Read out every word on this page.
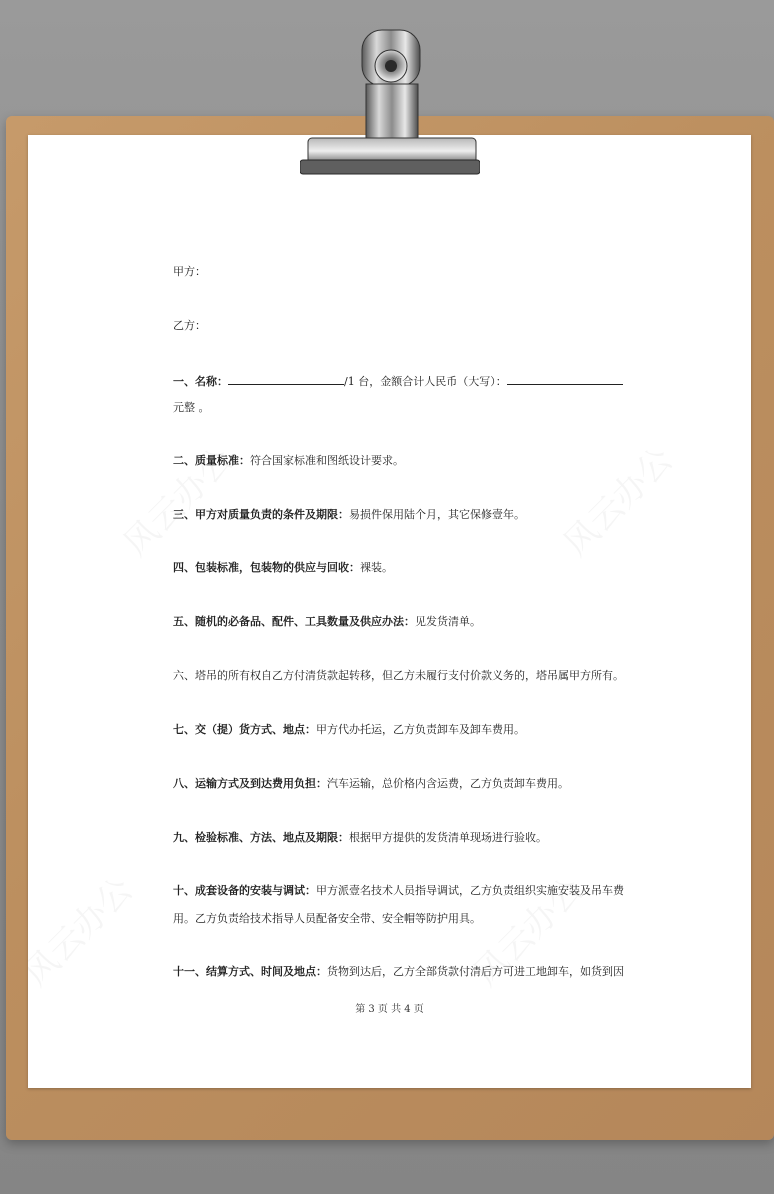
甲方：
乙方：
一、名称：	/1 台，金额合计人民币（大写）：
元整 。
二、质量标准：符合国家标准和图纸设计要求。
三、甲方对质量负责的条件及期限：易损件保用陆个月，其它保修壹年。
四、包装标准，包装物的供应与回收：裸装。
五、随机的必备品、配件、工具数量及供应办法：见发货清单。
六、塔吊的所有权自乙方付清货款起转移，但乙方未履行支付价款义务的，塔吊属甲方所有。
七、交（提）货方式、地点：甲方代办托运，乙方负责卸车及卸车费用。
八、运输方式及到达费用负担：汽车运输，总价格内含运费，乙方负责卸车费用。
九、检验标准、方法、地点及期限：根据甲方提供的发货清单现场进行验收。
十、成套设备的安装与调试：甲方派壹名技术人员指导调试，乙方负责组织实施安装及吊车费
用。乙方负责给技术指导人员配备安全带、安全帽等防护用具。
十一、结算方式、时间及地点：货物到达后，乙方全部货款付清后方可进工地卸车，如货到因
第 3 页 共 4 页
